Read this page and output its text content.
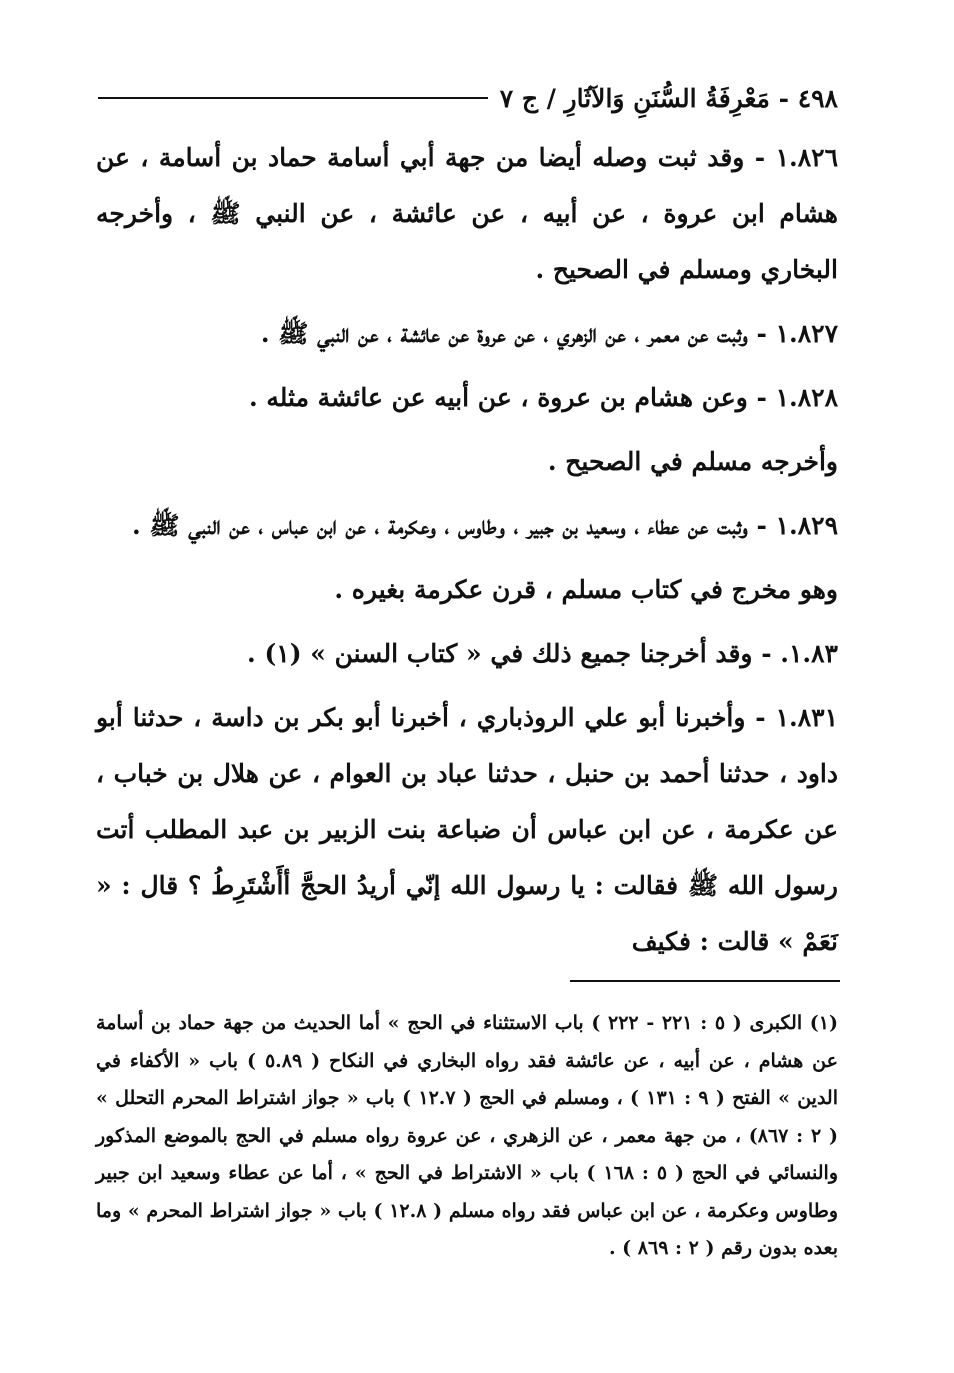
٤٩٨ - مَعْرِفَةُ السُّنَنِ وَالآثَارِ / ج ٧

١.٨٢٦ - وقد ثبت وصله أيضا من جهة أبي أسامة حماد بن أسامة ، عن هشام ابن عروة ، عن أبيه ، عن عائشة ، عن النبي ﷺ ، وأخرجه البخاري ومسلم في الصحيح .

١.٨٢٧ - وثبت عن معمر ، عن الزهري ، عن عروة عن عائشة ، عن النبي ﷺ .

١.٨٢٨ - وعن هشام بن عروة ، عن أبيه عن عائشة مثله .

وأخرجه مسلم في الصحيح .

١.٨٢٩ - وثبت عن عطاء ، وسعيد بن جبير ، وطاوس ، وعكرمة ، عن ابن عباس ، عن النبي ﷺ .

وهو مخرج في كتاب مسلم ، قرن عكرمة بغيره .

١.٨٣. - وقد أخرجنا جميع ذلك في « كتاب السنن » (١) .

١.٨٣١ - وأخبرنا أبو علي الروذباري ، أخبرنا أبو بكر بن داسة ، حدثنا أبو داود ، حدثنا أحمد بن حنبل ، حدثنا عباد بن العوام ، عن هلال بن خباب ، عن عكرمة ، عن ابن عباس أن ضباعة بنت الزبير بن عبد المطلب أتت رسول الله ﷺ فقالت : يا رسول الله إنّي أريدُ الحجَّ أأَشْتَرِطُ ؟ قال : « نَعَمْ » قالت : فكيف

(١) الكبرى ( ٥ : ٢٢١ - ٢٢٢ ) باب الاستثناء في الحج » أما الحديث من جهة حماد بن أسامة عن هشام ، عن أبيه ، عن عائشة فقد رواه البخاري في النكاح ( ٥.٨٩ ) باب « الأكفاء في الدين » الفتح ( ٩ : ١٣١ ) ، ومسلم في الحج ( ١٢.٧ ) باب « جواز اشتراط المحرم التحلل » ( ٢ : ٨٦٧) ، من جهة معمر ، عن الزهري ، عن عروة رواه مسلم في الحج بالموضع المذكور والنسائي في الحج ( ٥ : ١٦٨ ) باب « الاشتراط في الحج » ، أما عن عطاء وسعيد ابن جبير وطاوس وعكرمة ، عن ابن عباس فقد رواه مسلم ( ١٢.٨ ) باب « جواز اشتراط المحرم » وما بعده بدون رقم ( ٢ : ٨٦٩ ) .
